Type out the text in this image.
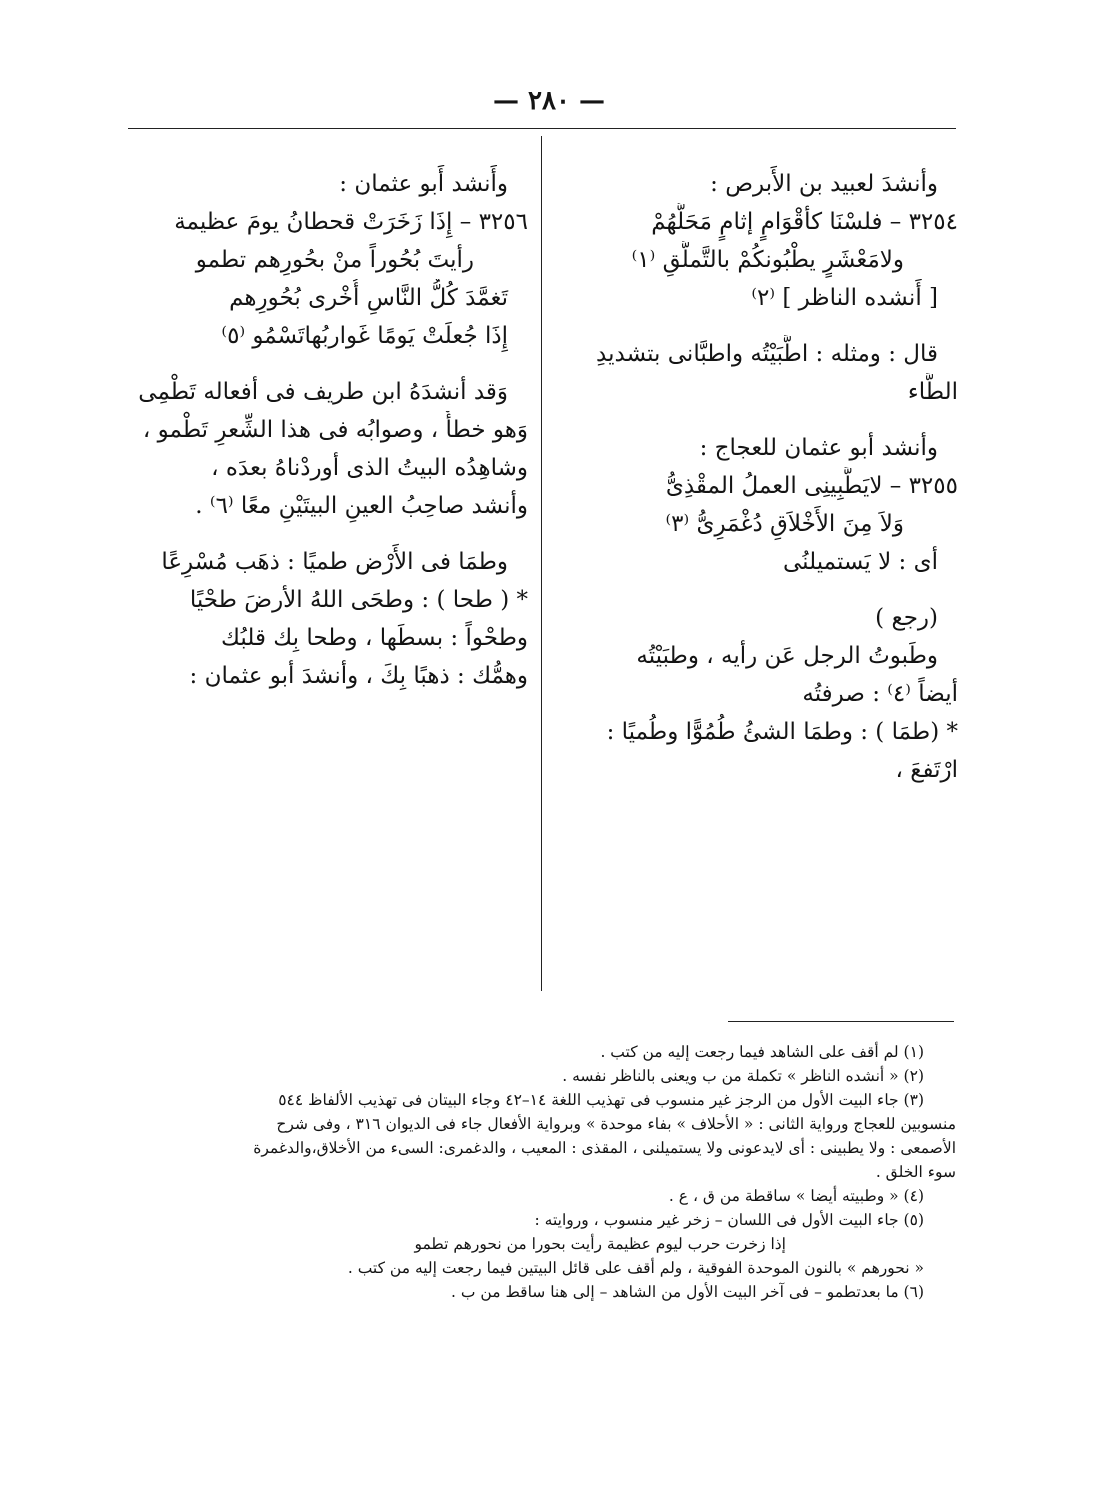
— ٢٨٠ —
وأنشدَ لعبيد بن الأَبرص :
٣٢٥٤ – فلسْنَا كأقْوَامٍ إثامٍ مَحَلُّهُمْ
ولامَعْشَرٍ يطْبُونكُمْ بالتَّملُّقِ ⁽١⁾
[ أَنشده الناظر ] ⁽٢⁾
قال : ومثله : اطَّبَيْتُه واطبَّانى بتشديدِ
الطَّاء
وأنشد أبو عثمان للعجاج :
٣٢٥٥ – لايَطَّبِينِى العملُ المقْذِىُّ
وَلاَ مِنَ الأَخْلاَقِ دُغْمَرِىُّ ⁽٣⁾
أى : لا يَستميلنُى
(رجع )
وطَبوتُ الرجل عَن رأيه ، وطبَيْتُه
أيضاً ⁽٤⁾ : صرفتُه
* (طمَا ) : وطمَا الشئُ طُمُوًّا وطُميًا :
ارْتَفعَ ،
وأَنشد أَبو عثمان :
٣٢٥٦ – إِذَا زَخَرَتْ قحطانُ يومَ عظيمة
رأيتَ بُحُوراً منْ بحُورِهم تطمو
تَغمَّدَ كُلُّ النَّاسِ أُخْرى بُحُورِهم
إِذَا جُعلَتْ يَومًا غَواربُهاتَسْمُو ⁽٥⁾
وَقد أنشدَهُ ابن طريف فى أفعاله تَطْمِى
وَهو خطأٌ ، وصوابُه فى هذا الشِّعرِ تَطْمو ،
وشاهِدُه البيتُ الذى أوردْناهُ بعدَه ،
وأنشد صاحِبُ العينِ البيتَيْنِ معًا ⁽٦⁾ .
وطمَا فى الأَرْض طميًا : ذهَب مُسْرِعًا
* ( طحا ) : وطحَى اللهُ الأرضَ طحْيًا
وطحْواً : بسطَها ، وطحا بِك قلبُك
وهمُّك : ذهبًا بِكَ ، وأنشدَ أبو عثمان :
(١) لم أقف على الشاهد فيما رجعت إليه من كتب .
(٢) « أنشده الناظر » تكملة من ب ويعنى بالناظر نفسه .
(٣) جاء البيت الأول من الرجز غير منسوب فى تهذيب اللغة ١٤–٤٢ وجاء البيتان فى تهذيب الألفاظ ٥٤٤
منسوبين للعجاج ورواية الثانى : « الأحلاف » بفاء موحدة » وبرواية الأفعال جاء فى الديوان ٣١٦ ، وفى شرح
الأصمعى : ولا يطبينى : أى لايدعونى ولا يستميلنى ، المقذى : المعيب ، والدغمرى: السىء من الأخلاق،والدغمرة
سوء الخلق .
(٤) « وطبيته أيضا » ساقطة من ق ، ع .
(٥) جاء البيت الأول فى اللسان – زخر غير منسوب ، وروايته :
إذا زخرت حرب ليوم عظيمة رأيت بحورا من نحورهم تطمو
« نحورهم » بالنون الموحدة الفوقية ، ولم أقف على قائل البيتين فيما رجعت إليه من كتب .
(٦) ما بعدتطمو – فى آخر البيت الأول من الشاهد – إلى هنا ساقط من ب .
